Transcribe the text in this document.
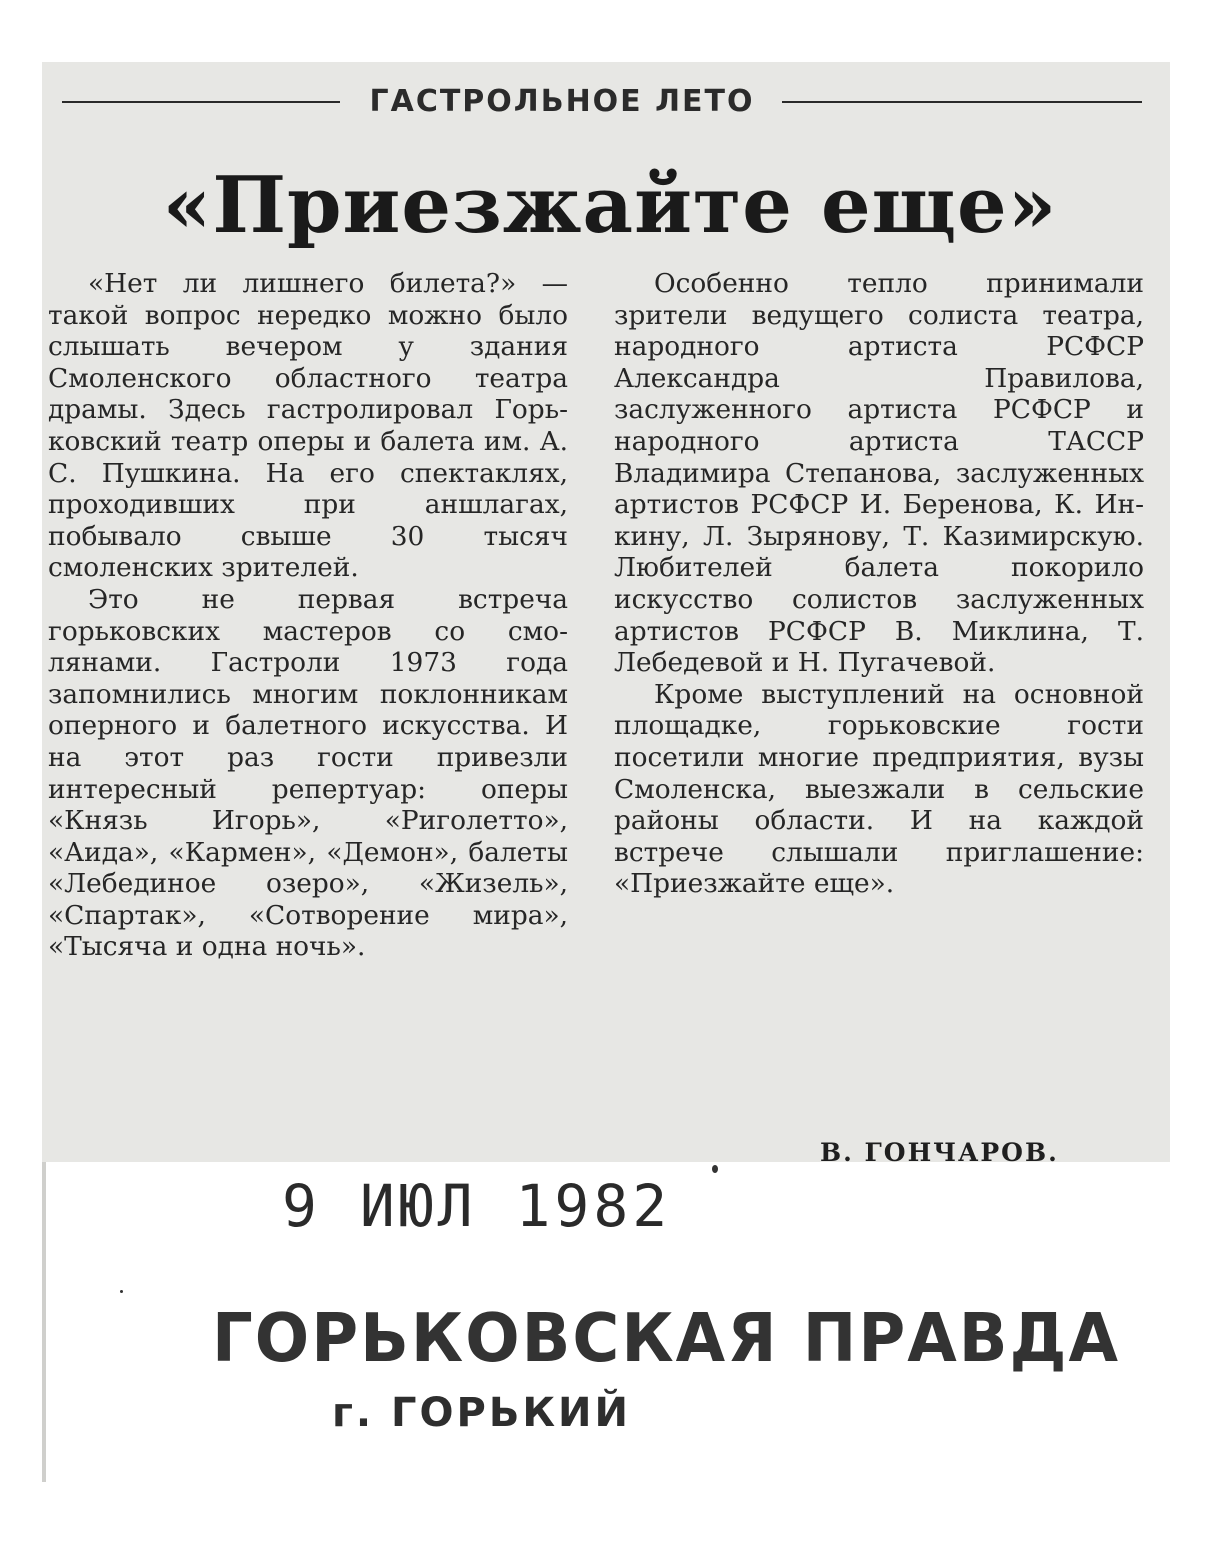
ГАСТРОЛЬНОЕ ЛЕТО
«Приезжайте еще»

«Нет ли лишнего билета?» — такой вопрос нередко можно было слышать вечером у здания Смоленского областного театра драмы. Здесь гастролировал Горьковский театр оперы и балета им. А. С. Пушкина. На его спектаклях, проходивших при аншлагах, побывало свыше 30 тысяч смоленских зрителей.

Это не первая встреча горьковских мастеров со смолянами. Гастроли 1973 года запомнились многим поклонникам оперного и балетного искусства. И на этот раз гости привезли интересный репертуар: оперы «Князь Игорь», «Риголетто», «Аида», «Кармен», «Демон», балеты «Лебединое озеро», «Жизель», «Спартак», «Сотворение мира», «Тысяча и одна ночь».

Особенно тепло принимали зрители ведущего солиста театра, народного артиста РСФСР Александра Правилова, заслуженного артиста РСФСР и народного артиста ТАССР Владимира Степанова, заслуженных артистов РСФСР И. Беренова, К. Инкину, Л. Зырянову, Т. Казимирскую. Любителей балета покорило искусство солистов заслуженных артистов РСФСР В. Миклина, Т. Лебедевой и Н. Пугачевой.

Кроме выступлений на основной площадке, горьковские гости посетили многие предприятия, вузы Смоленска, выезжали в сельские районы области. И на каждой встрече слышали приглашение: «Приезжайте еще».

В. ГОНЧАРОВ.
9 ИЮЛ 1982
ГОРЬКОВСКАЯ ПРАВДА
г. ГОРЬКИЙ
